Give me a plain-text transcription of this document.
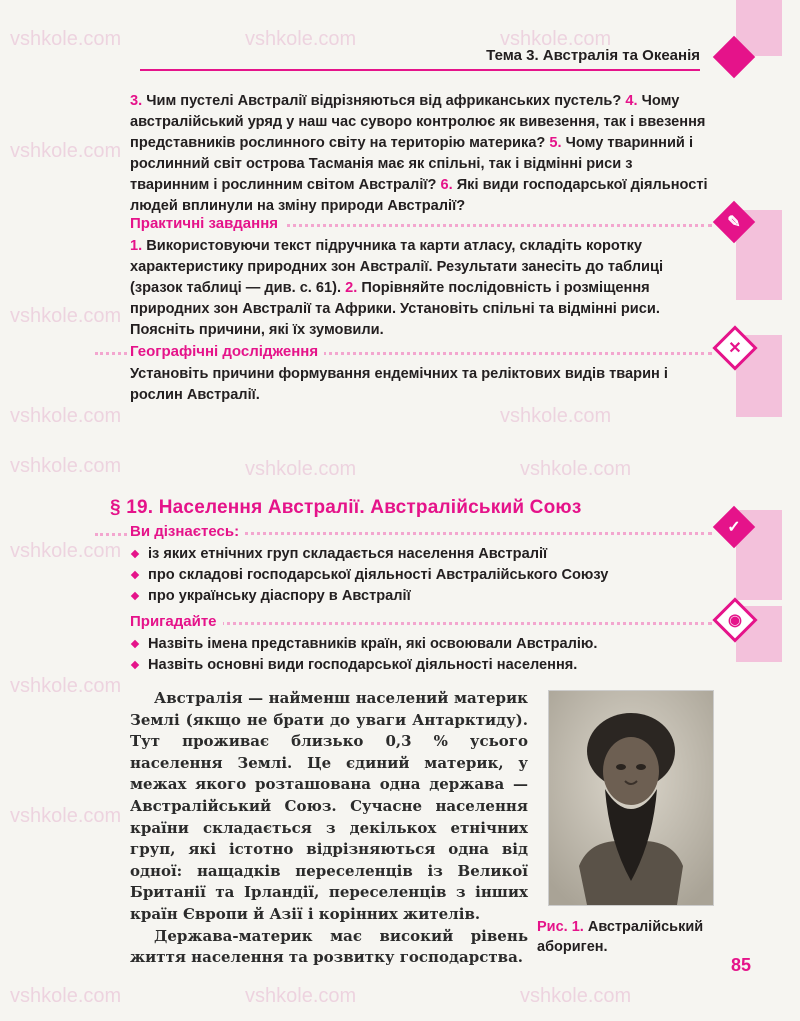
vshkole.com	vshkole.com	vshkole.com
vshkole.com
vshkole.com
vshkole.com	vshkole.com
vshkole.com	vshkole.com	vshkole.com
vshkole.com
vshkole.com
vshkole.com
vshkole.com	vshkole.com	vshkole.com
✎
✕
✓
◉
Тема 3. Австралія та Океанія
3. Чим пустелі Австралії відрізняються від африканських пустель? 4. Чому австралійський уряд у наш час суворо контролює як вивезення, так і ввезення представників рослинного світу на територію материка? 5. Чому тваринний і рослинний світ острова Тасманія має як спільні, так і відмінні риси з тваринним і рослинним світом Австралії? 6. Які види господарської діяльності людей вплинули на зміну природи Австралії?
Практичні завдання
1. Використовуючи текст підручника та карти атласу, складіть коротку характеристику природних зон Австралії. Результати занесіть до таблиці (зразок таблиці — див. с. 61). 2. Порівняйте послідовність і розміщення природних зон Австралії та Африки. Установіть спільні та відмінні риси. Поясніть причини, які їх зумовили.
Географічні дослідження
Установіть причини формування ендемічних та реліктових видів тварин і рослин Австралії.
§ 19. Населення Австралії. Австралійський Союз
Ви дізнаєтесь:
із яких етнічних груп складається населення Австралії
про складові господарської діяльності Австралійського Союзу
про українську діаспору в Австралії
Пригадайте
Назвіть імена представників країн, які освоювали Австралію.
Назвіть основні види господарської діяльності населення.
Австралія — найменш населений материк Землі (якщо не брати до уваги Антарктиду). Тут проживає близько 0,3 % усього населення Землі. Це єдиний материк, у межах якого розташована одна держава — Австралійський Союз. Сучасне населення країни складається з декількох етнічних груп, які істотно відрізняються одна від одної: нащадків переселенців із Великої Британії та Ірландії, переселенців з інших країн Європи й Азії і корінних жителів.
Держава-материк має високий рівень життя населення та розвитку господарства.
Рис. 1. Австралійський абориген.
85
